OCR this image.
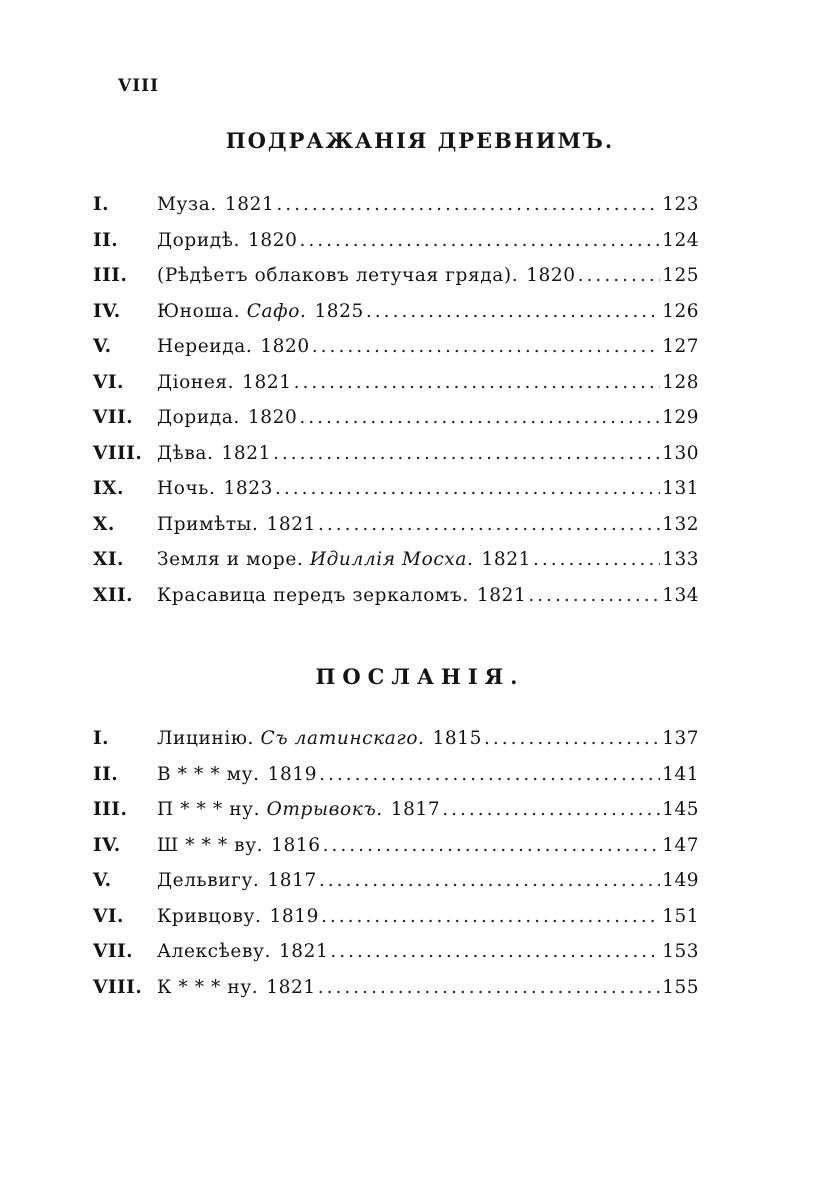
VIII
ПОДРАЖАНІЯ ДРЕВНИМЪ.
I.	Муза. 1821 .....	123
II.	Доридѣ. 1820 .....	124
III.	(Рѣдѣетъ облаковъ летучая гряда). 1820 .....	125
IV.	Юноша. Сафо. 1825 .....	126
V.	Нереида. 1820 .....	127
VI.	Діонея. 1821 .....	128
VII.	Дорида. 1820 .....	129
VIII. Дѣва. 1821 .....	130
IX.	Ночь. 1823 .....	131
X.	Примѣты. 1821 .....	132
XI.	Земля и море. Идиллія Мосха. 1821 .....	133
XII.	Красавица передъ зеркаломъ. 1821 .....	134
ПОСЛАНІЯ.
I.	Лицинію. Съ латинскаго. 1815 .....	137
II.	В * * * му. 1819 .....	141
III.	П * * * ну. Отрывокъ. 1817 .....	145
IV.	Ш * * * ву. 1816 .....	147
V.	Дельвигу. 1817 .....	149
VI.	Кривцову. 1819 .....	151
VII.	Алексѣеву. 1821 .....	153
VIII. К * * * ну. 1821 .....	155
